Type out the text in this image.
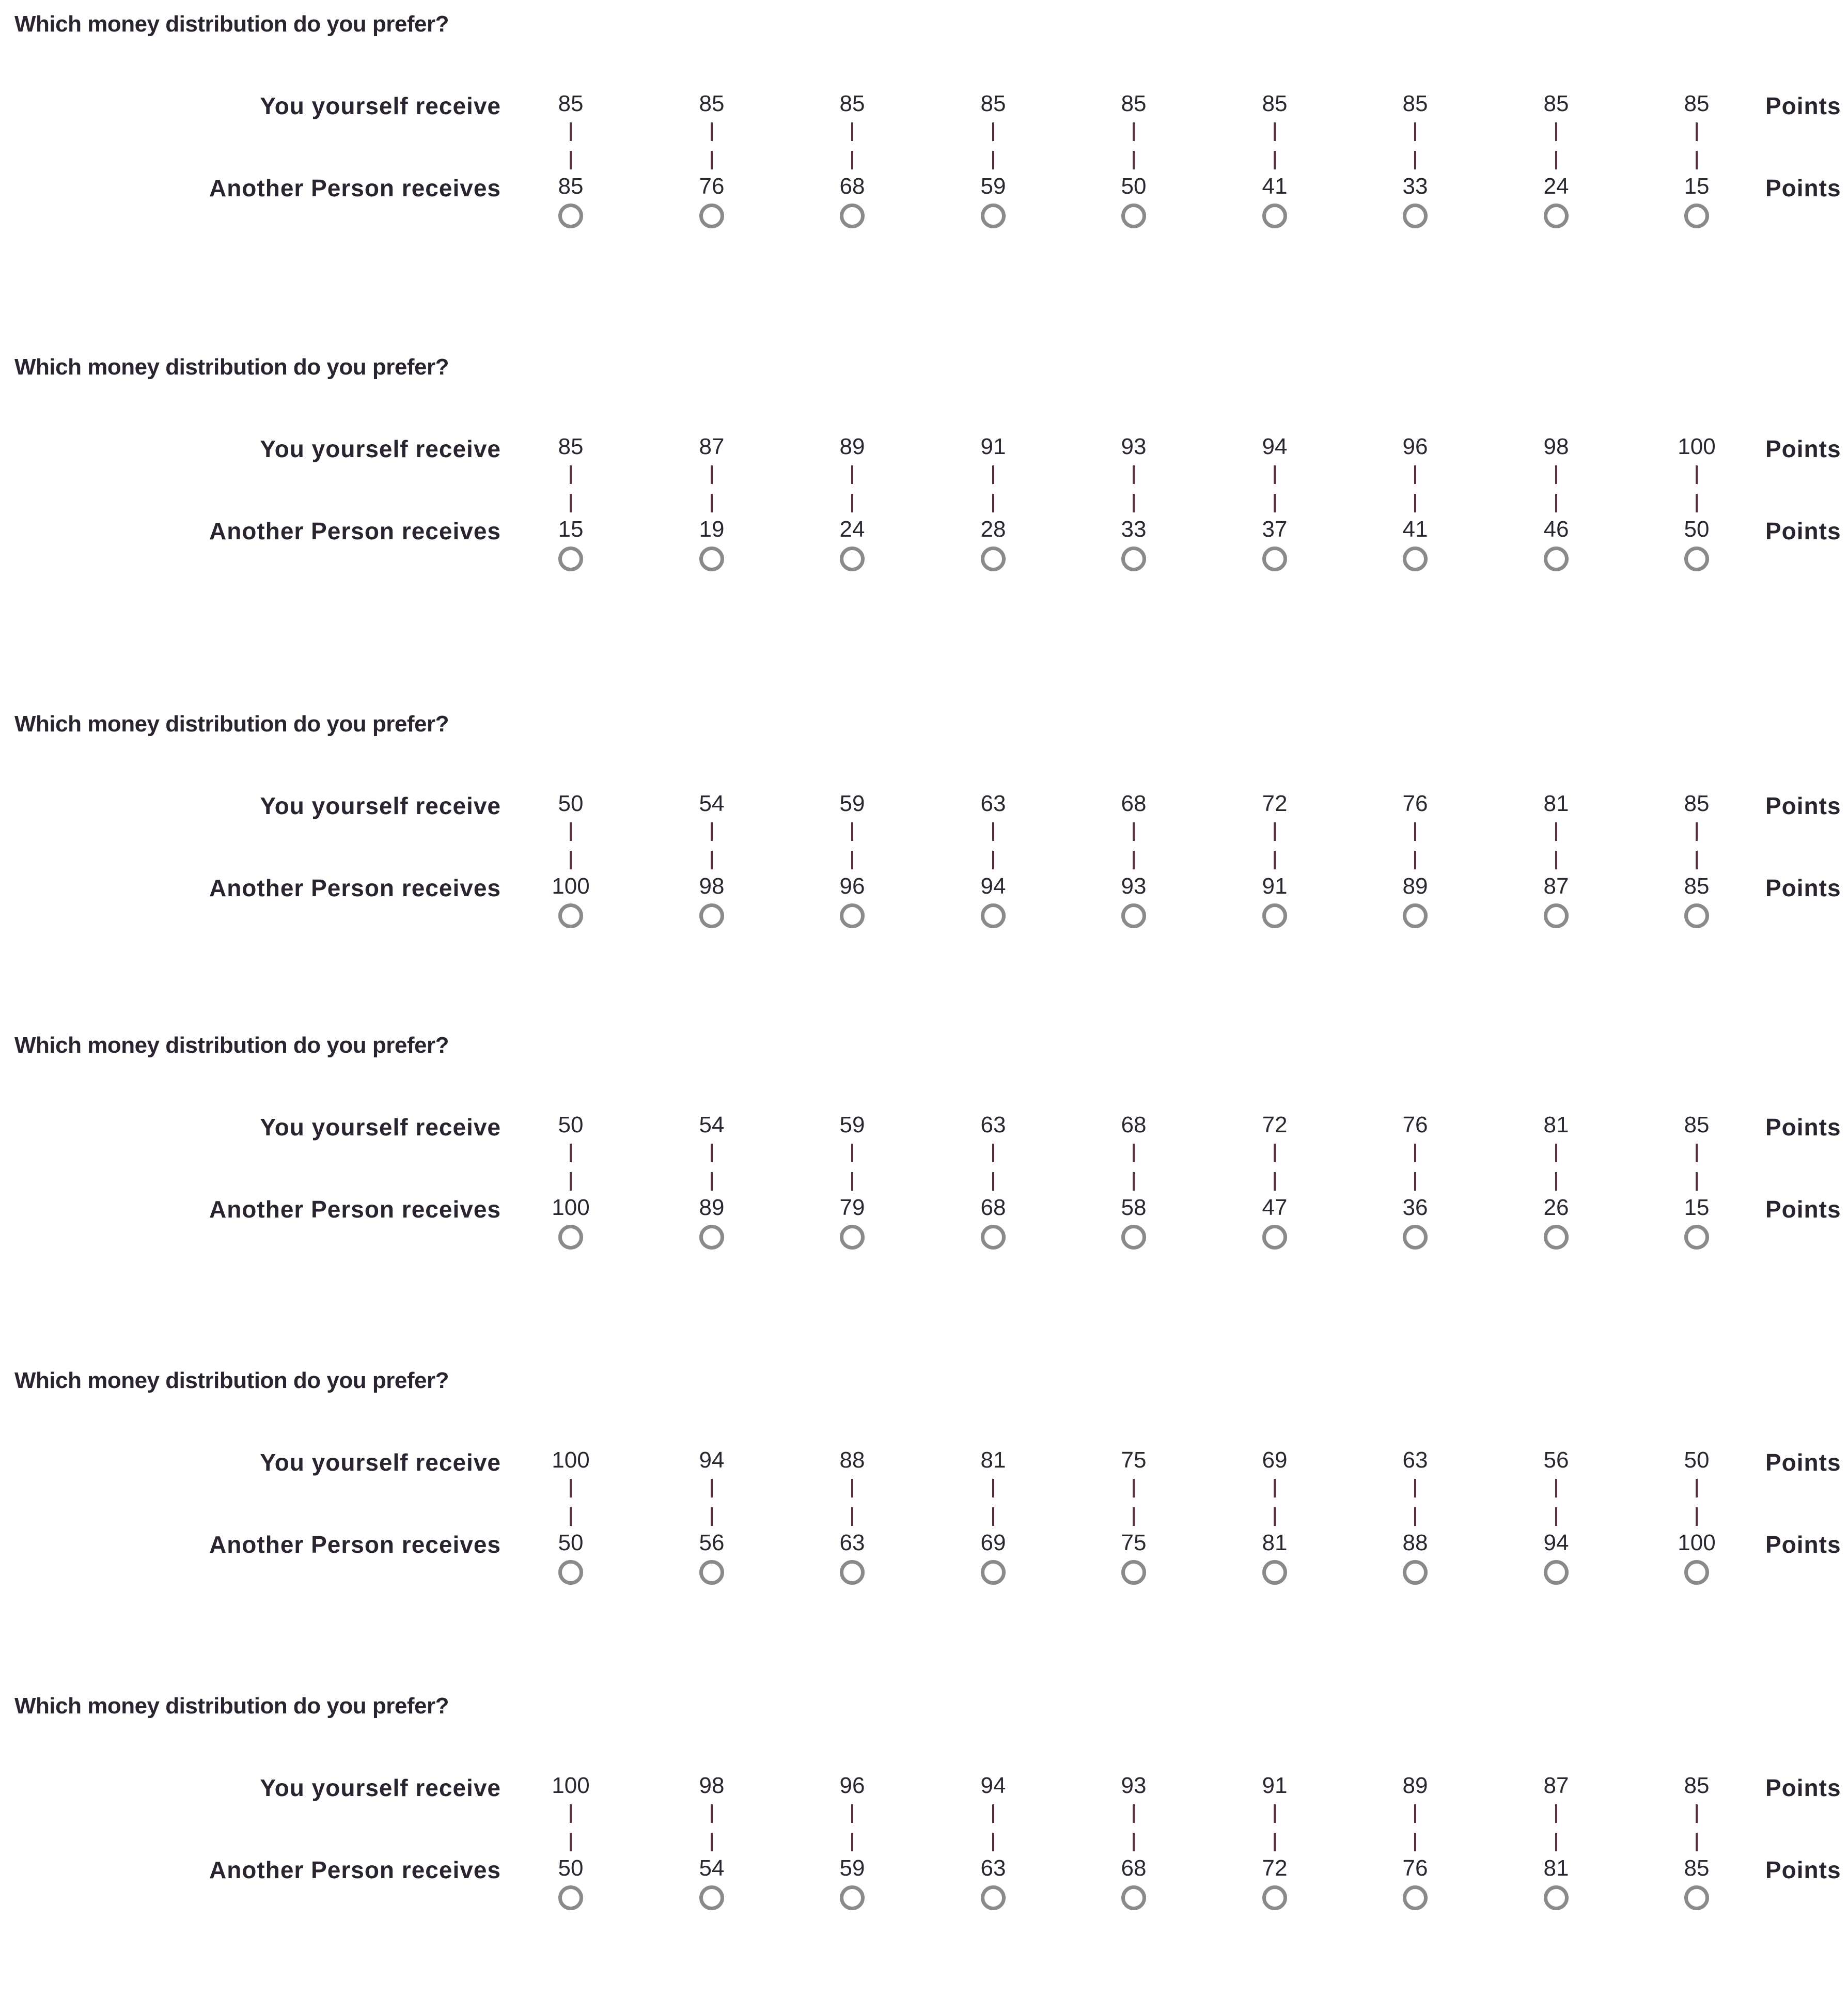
Which money distribution do you prefer?
You yourself receive
Another Person receives
85
85
85
76
85
68
85
59
85
50
85
41
85
33
85
24
85
15
Points
Points
Which money distribution do you prefer?
You yourself receive
Another Person receives
85
15
87
19
89
24
91
28
93
33
94
37
96
41
98
46
100
50
Points
Points
Which money distribution do you prefer?
You yourself receive
Another Person receives
50
100
54
98
59
96
63
94
68
93
72
91
76
89
81
87
85
85
Points
Points
Which money distribution do you prefer?
You yourself receive
Another Person receives
50
100
54
89
59
79
63
68
68
58
72
47
76
36
81
26
85
15
Points
Points
Which money distribution do you prefer?
You yourself receive
Another Person receives
100
50
94
56
88
63
81
69
75
75
69
81
63
88
56
94
50
100
Points
Points
Which money distribution do you prefer?
You yourself receive
Another Person receives
100
50
98
54
96
59
94
63
93
68
91
72
89
76
87
81
85
85
Points
Points
